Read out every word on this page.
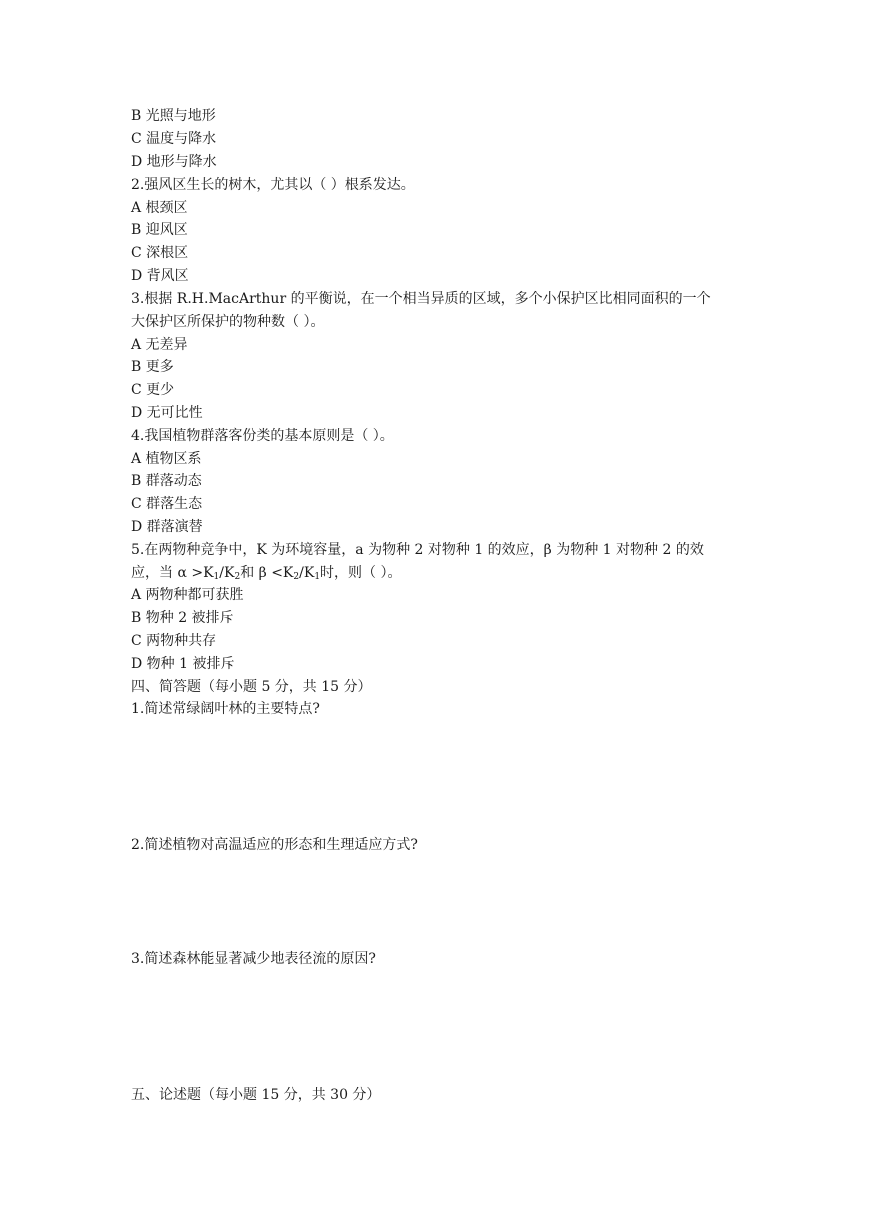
B 光照与地形
C 温度与降水
D 地形与降水
2.强风区生长的树木，尤其以（ ）根系发达。
A 根颈区
B 迎风区
C 深根区
D 背风区
3.根据 R.H.MacArthur 的平衡说，在一个相当异质的区域，多个小保护区比相同面积的一个
大保护区所保护的物种数（ ）。
A 无差异
B 更多
C 更少
D 无可比性
4.我国植物群落客份类的基本原则是（ ）。
A 植物区系
B 群落动态
C 群落生态
D 群落演替
5.在两物种竞争中，K 为环境容量，a 为物种 2 对物种 1 的效应，β 为物种 1 对物种 2 的效
应，当 $\alpha >K_1/K_2$和 $\beta <K_2/K_1$时，则（ ）。
A 两物种都可获胜
B 物种 2 被排斥
C 两物种共存
D 物种 1 被排斥
四、简答题（每小题 5 分，共 15 分）
1.简述常绿阔叶林的主要特点?
2.简述植物对高温适应的形态和生理适应方式?
3.简述森林能显著减少地表径流的原因?
五、论述题（每小题 15 分，共 30 分）
